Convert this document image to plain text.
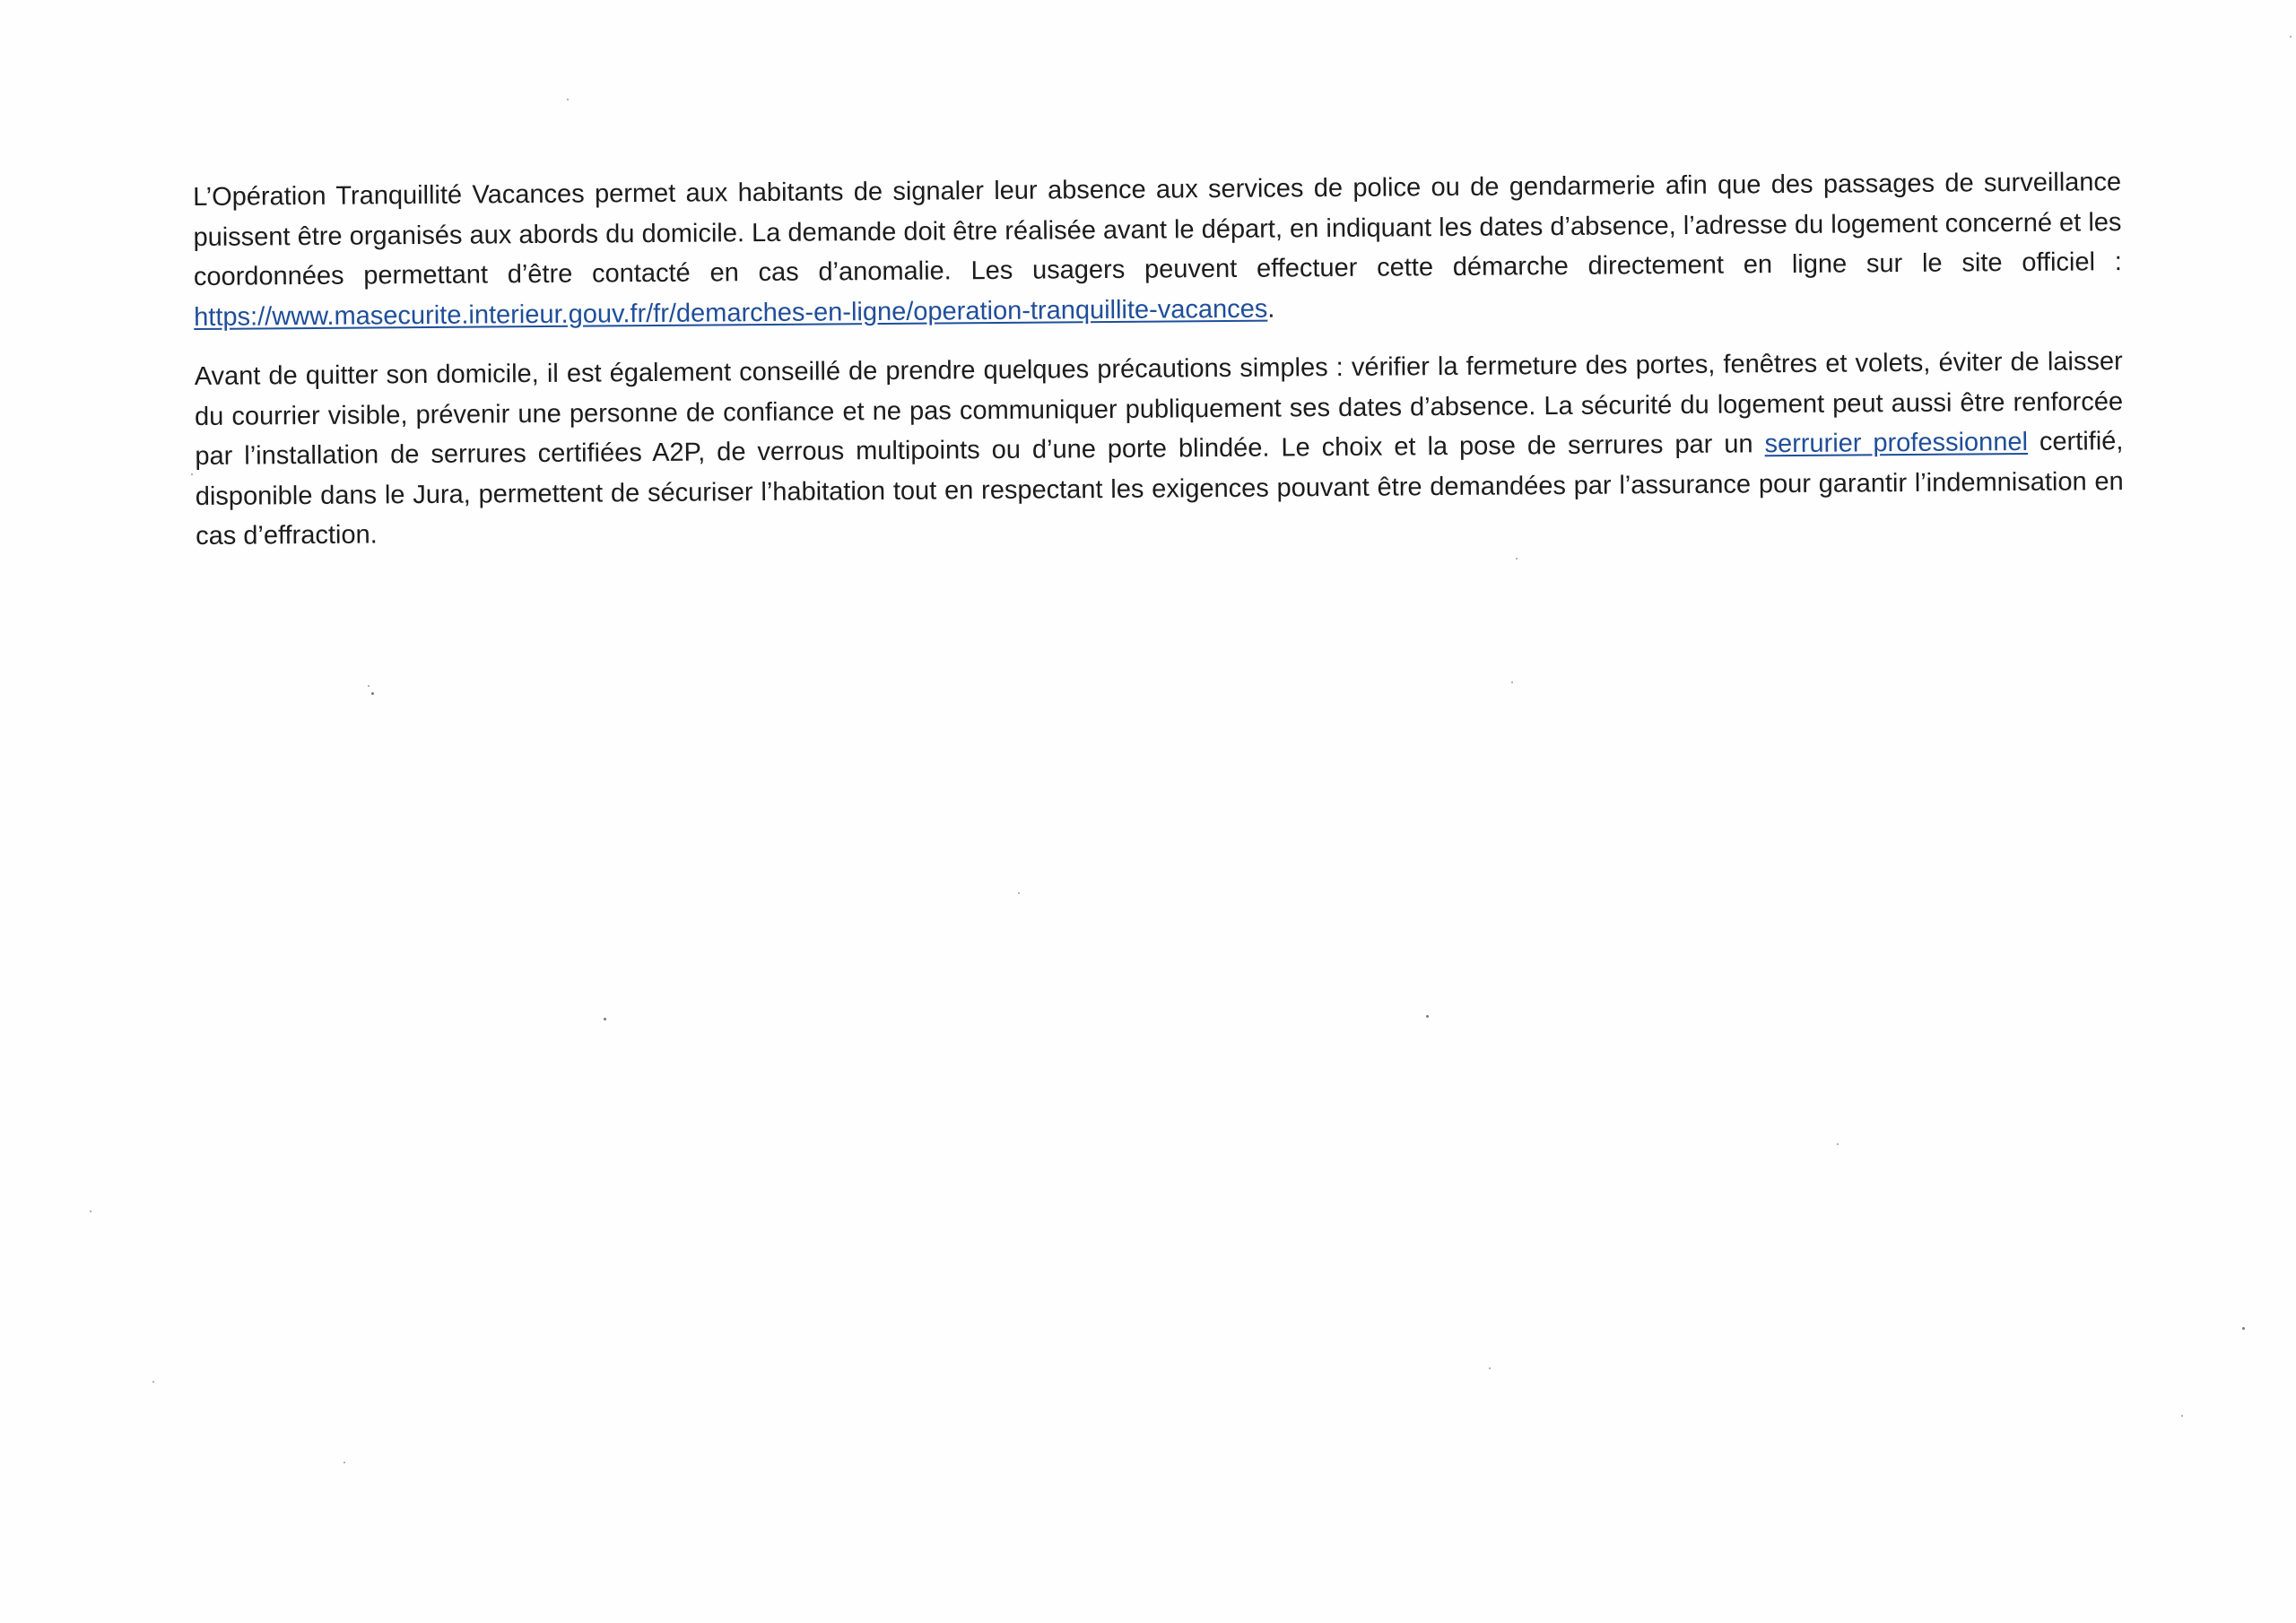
L’Opération Tranquillité Vacances permet aux habitants de signaler leur absence aux services de police ou de gendarmerie afin que des passages de surveillance puissent être organisés aux abords du domicile. La demande doit être réalisée avant le départ, en indiquant les dates d’absence, l’adresse du logement concerné et les coordonnées permettant d’être contacté en cas d’anomalie. Les usagers peuvent effectuer cette démarche directement en ligne sur le site officiel : https://www.masecurite.interieur.gouv.fr/fr/demarches-en-ligne/operation-tranquillite-vacances.

Avant de quitter son domicile, il est également conseillé de prendre quelques précautions simples : vérifier la fermeture des portes, fenêtres et volets, éviter de laisser du courrier visible, prévenir une personne de confiance et ne pas communiquer publiquement ses dates d’absence. La sécurité du logement peut aussi être renforcée par l’installation de serrures certifiées A2P, de verrous multipoints ou d’une porte blindée. Le choix et la pose de serrures par un serrurier professionnel certifié, disponible dans le Jura, permettent de sécuriser l’habitation tout en respectant les exigences pouvant être demandées par l’assurance pour garantir l’indemnisation en cas d’effraction.
